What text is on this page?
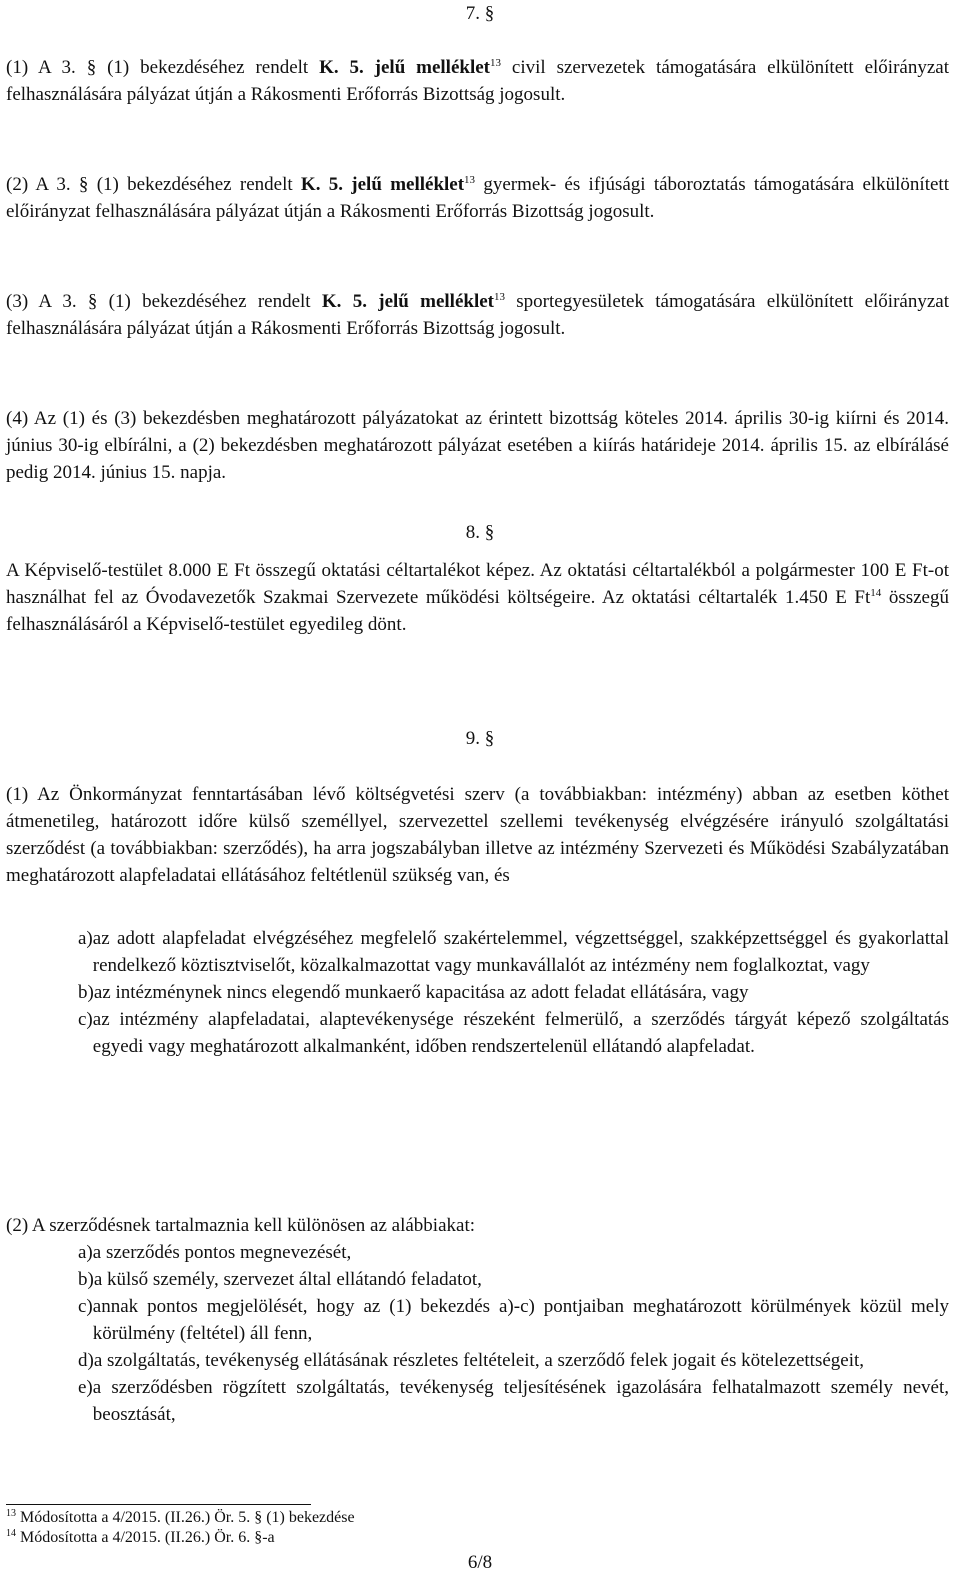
7. §
(1) A 3. § (1) bekezdéséhez rendelt K. 5. jelű melléklet$^{13}$ civil szervezetek támogatására elkülönített előirányzat felhasználására pályázat útján a Rákosmenti Erőforrás Bizottság jogosult.
(2) A 3. § (1) bekezdéséhez rendelt K. 5. jelű melléklet$^{13}$ gyermek- és ifjúsági táboroztatás támogatására elkülönített előirányzat felhasználására pályázat útján a Rákosmenti Erőforrás Bizottság jogosult.
(3) A 3. § (1) bekezdéséhez rendelt K. 5. jelű melléklet$^{13}$ sportegyesületek támogatására elkülönített előirányzat felhasználására pályázat útján a Rákosmenti Erőforrás Bizottság jogosult.
(4) Az (1) és (3) bekezdésben meghatározott pályázatokat az érintett bizottság köteles 2014. április 30-ig kiírni és 2014. június 30-ig elbírálni, a (2) bekezdésben meghatározott pályázat esetében a kiírás határideje 2014. április 15. az elbírálásé pedig 2014. június 15. napja.
8. §
A Képviselő-testület 8.000 E Ft összegű oktatási céltartalékot képez. Az oktatási céltartalékból a polgármester 100 E Ft-ot használhat fel az Óvodavezetők Szakmai Szervezete működési költségeire. Az oktatási céltartalék 1.450 E Ft$^{14}$ összegű felhasználásáról a Képviselő-testület egyedileg dönt.
9. §
(1) Az Önkormányzat fenntartásában lévő költségvetési szerv (a továbbiakban: intézmény) abban az esetben köthet átmenetileg, határozott időre külső személlyel, szervezettel szellemi tevékenység elvégzésére irányuló szolgáltatási szerződést (a továbbiakban: szerződés), ha arra jogszabályban illetve az intézmény Szervezeti és Működési Szabályzatában meghatározott alapfeladatai ellátásához feltétlenül szükség van, és
a) az adott alapfeladat elvégzéséhez megfelelő szakértelemmel, végzettséggel, szakképzettséggel és gyakorlattal rendelkező köztisztviselőt, közalkalmazottat vagy munkavállalót az intézmény nem foglalkoztat, vagy
b) az intézménynek nincs elegendő munkaerő kapacitása az adott feladat ellátására, vagy
c) az intézmény alapfeladatai, alaptevékenysége részeként felmerülő, a szerződés tárgyát képező szolgáltatás egyedi vagy meghatározott alkalmanként, időben rendszertelenül ellátandó alapfeladat.
(2) A szerződésnek tartalmaznia kell különösen az alábbiakat:
a) a szerződés pontos megnevezését,
b) a külső személy, szervezet által ellátandó feladatot,
c) annak pontos megjelölését, hogy az (1) bekezdés a)-c) pontjaiban meghatározott körülmények közül mely körülmény (feltétel) áll fenn,
d) a szolgáltatás, tevékenység ellátásának részletes feltételeit, a szerződő felek jogait és kötelezettségeit,
e) a szerződésben rögzített szolgáltatás, tevékenység teljesítésének igazolására felhatalmazott személy nevét, beosztását,
$^{13}$ Módosította a 4/2015. (II.26.) Ör. 5. § (1) bekezdése
$^{14}$ Módosította a 4/2015. (II.26.) Ör. 6. §-a
6/8
